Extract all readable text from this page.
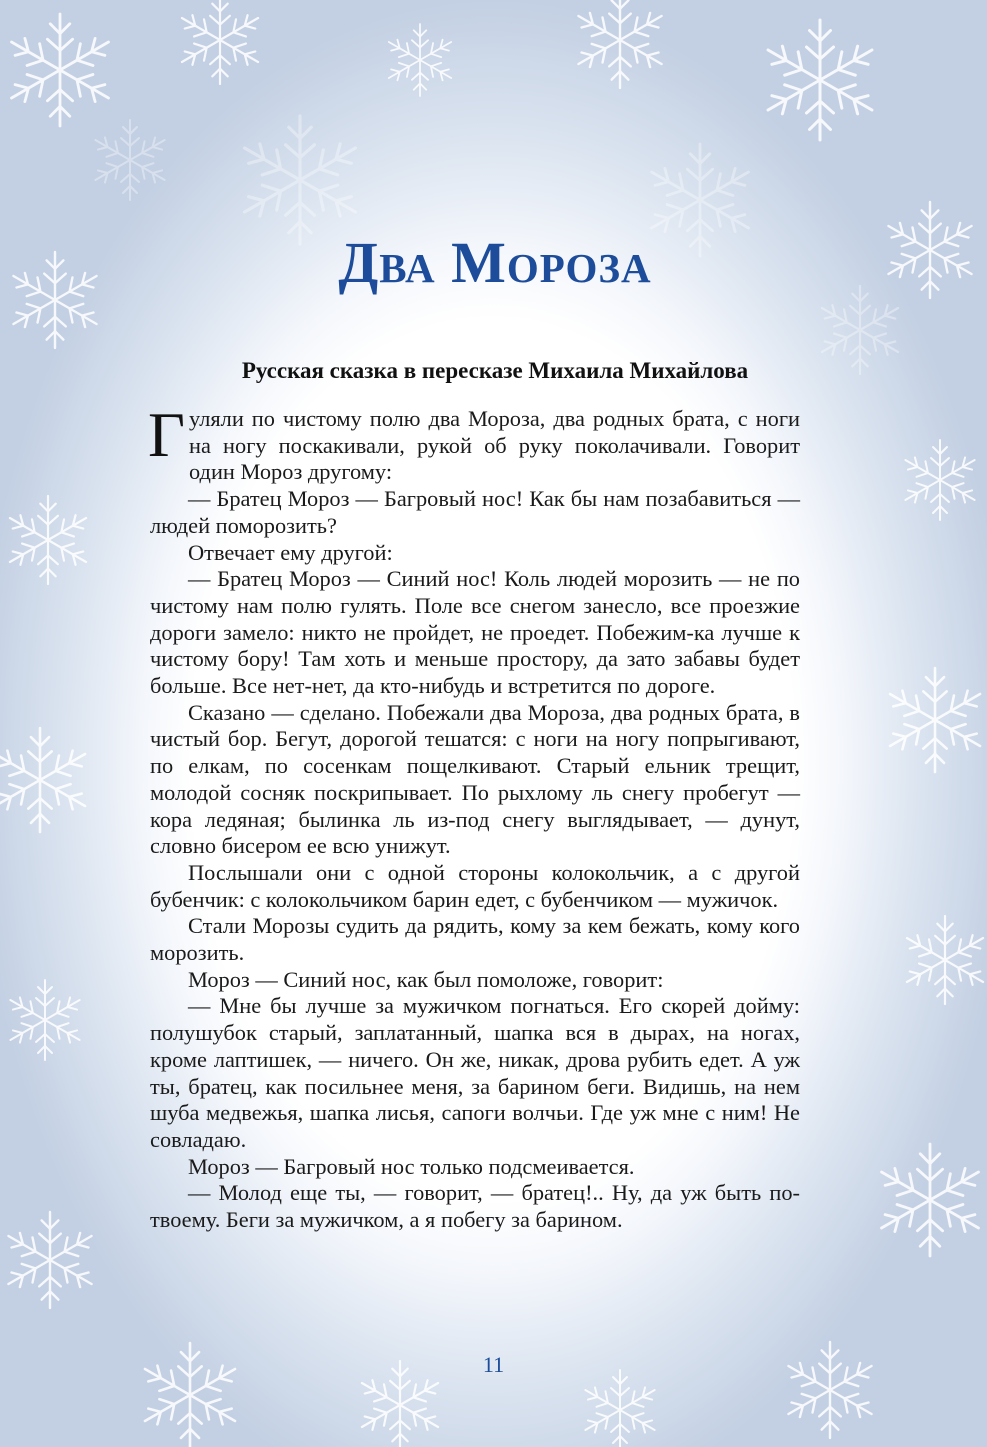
Два Мороза
Русская сказка в пересказе Михаила Михайлова

Гуляли по чистому полю два Мороза, два родных брата, с ноги на ногу поскакивали, рукой об руку поколачивали. Говорит один Мороз другому:

— Братец Мороз — Багровый нос! Как бы нам позабавиться — людей поморозить?

Отвечает ему другой:

— Братец Мороз — Синий нос! Коль людей морозить — не по чистому нам полю гулять. Поле все снегом занесло, все проезжие дороги замело: никто не пройдет, не проедет. Побежим-ка лучше к чистому бору! Там хоть и меньше простору, да зато забавы будет больше. Все нет-нет, да кто-нибудь и встретится по дороге.

Сказано — сделано. Побежали два Мороза, два родных брата, в чистый бор. Бегут, дорогой тешатся: с ноги на ногу попрыгивают, по елкам, по сосенкам пощелкивают. Старый ельник трещит, молодой сосняк поскрипывает. По рыхлому ль снегу пробегут — кора ледяная; былинка ль из-под снегу выглядывает, — дунут, словно бисером ее всю унижут.

Послышали они с одной стороны колокольчик, а с другой бубенчик: с колокольчиком барин едет, с бубенчиком — мужичок.

Стали Морозы судить да рядить, кому за кем бежать, кому кого морозить.

Мороз — Синий нос, как был помоложе, говорит:

— Мне бы лучше за мужичком погнаться. Его скорей дойму: полушубок старый, заплатанный, шапка вся в дырах, на ногах, кроме лаптишек, — ничего. Он же, никак, дрова рубить едет. А уж ты, братец, как посильнее меня, за барином беги. Видишь, на нем шуба медвежья, шапка лисья, сапоги волчьи. Где уж мне с ним! Не совладаю.

Мороз — Багровый нос только подсмеивается.

— Молод еще ты, — говорит, — братец!.. Ну, да уж быть по-твоему. Беги за мужичком, а я побегу за барином.

11
